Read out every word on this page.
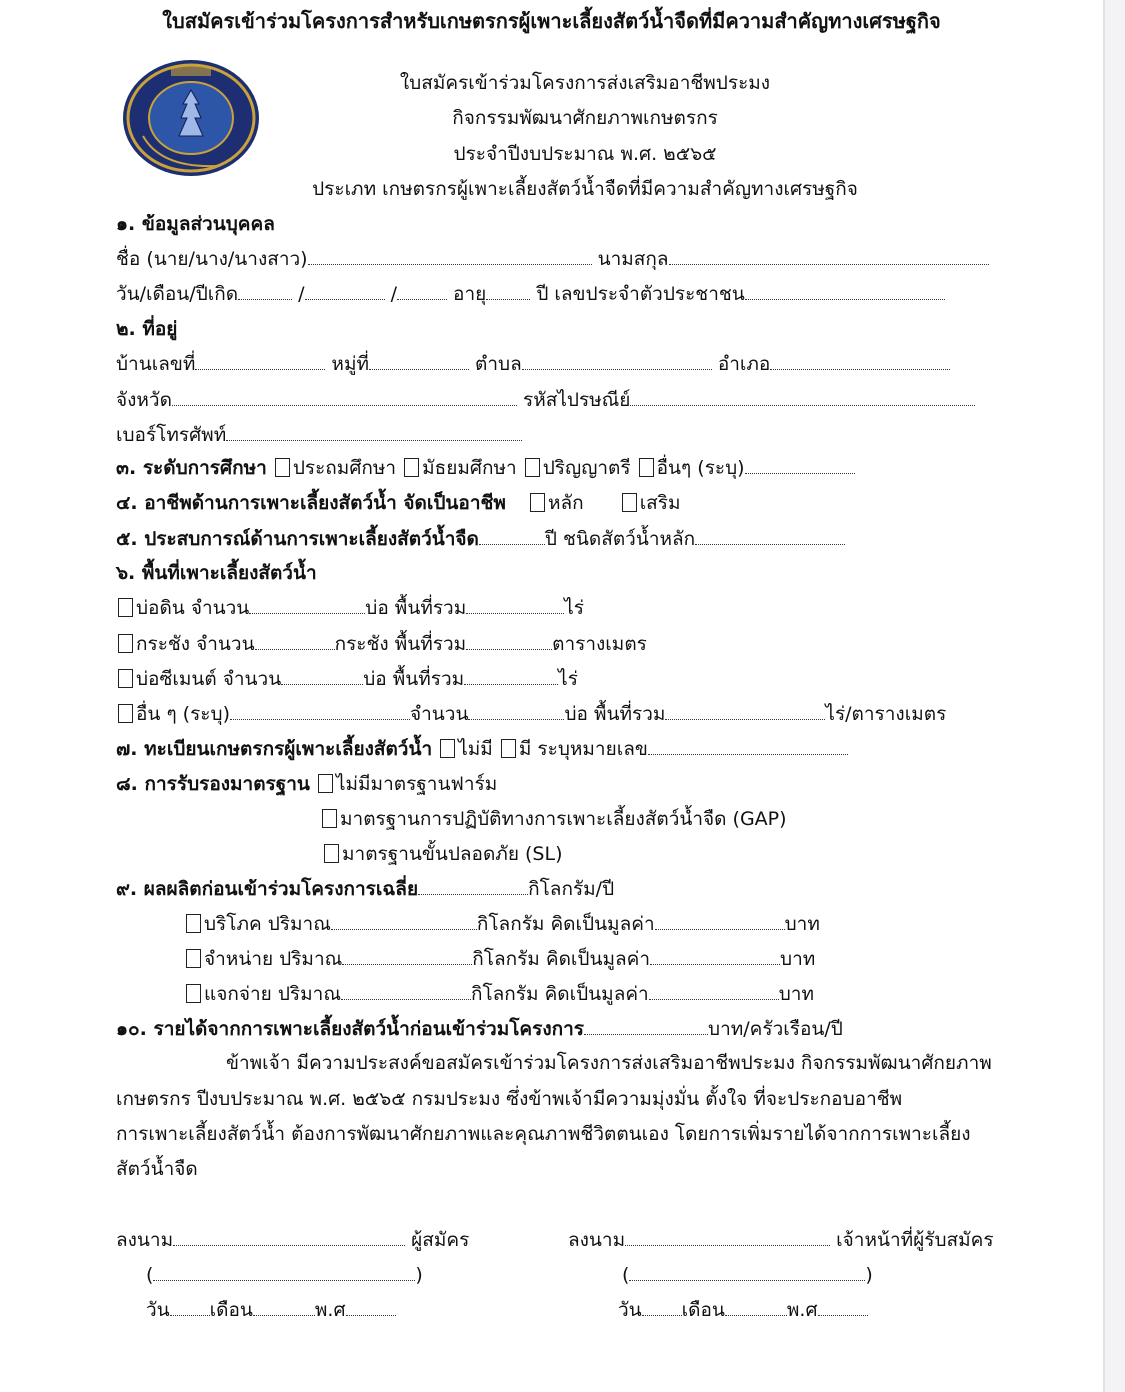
ใบสมัครเข้าร่วมโครงการสำหรับเกษตรกรผู้เพาะเลี้ยงสัตว์น้ำจืดที่มีความสำคัญทางเศรษฐกิจ
ใบสมัครเข้าร่วมโครงการส่งเสริมอาชีพประมง
กิจกรรมพัฒนาศักยภาพเกษตรกร
ประจำปีงบประมาณ พ.ศ. ๒๕๖๕
ประเภท เกษตรกรผู้เพาะเลี้ยงสัตว์น้ำจืดที่มีความสำคัญทางเศรษฐกิจ
๑. ข้อมูลส่วนบุคคล
ชื่อ (นาย/นาง/นางสาว)	นามสกุล
วัน/เดือน/ปีเกิด	/	/	อายุ	ปี เลขประจำตัวประชาชน
๒. ที่อยู่
บ้านเลขที่	หมู่ที่	ตำบล	อำเภอ
จังหวัด	รหัสไปรษณีย์
เบอร์โทรศัพท์
๓. ระดับการศึกษา ประถมศึกษา มัธยมศึกษา ปริญญาตรี อื่นๆ (ระบุ)
๔. อาชีพด้านการเพาะเลี้ยงสัตว์น้ำ จัดเป็นอาชีพ หลัก	เสริม
๕. ประสบการณ์ด้านการเพาะเลี้ยงสัตว์น้ำจืด	ปี ชนิดสัตว์น้ำหลัก
๖. พื้นที่เพาะเลี้ยงสัตว์น้ำ
บ่อดิน จำนวน	บ่อ พื้นที่รวม	ไร่
กระชัง จำนวน	กระชัง พื้นที่รวม	ตารางเมตร
บ่อซีเมนต์ จำนวน	บ่อ พื้นที่รวม	ไร่
อื่น ๆ (ระบุ)	จำนวน	บ่อ พื้นที่รวม	ไร่/ตารางเมตร
๗. ทะเบียนเกษตรกรผู้เพาะเลี้ยงสัตว์น้ำ ไม่มี มี ระบุหมายเลข
๘. การรับรองมาตรฐาน ไม่มีมาตรฐานฟาร์ม
มาตรฐานการปฏิบัติทางการเพาะเลี้ยงสัตว์น้ำจืด (GAP)
มาตรฐานขั้นปลอดภัย (SL)
๙. ผลผลิตก่อนเข้าร่วมโครงการเฉลี่ย	กิโลกรัม/ปี
บริโภค ปริมาณ	กิโลกรัม คิดเป็นมูลค่า	บาท
จำหน่าย ปริมาณ	กิโลกรัม คิดเป็นมูลค่า	บาท
แจกจ่าย ปริมาณ	กิโลกรัม คิดเป็นมูลค่า	บาท
๑๐. รายได้จากการเพาะเลี้ยงสัตว์น้ำก่อนเข้าร่วมโครงการ	บาท/ครัวเรือน/ปี
ข้าพเจ้า มีความประสงค์ขอสมัครเข้าร่วมโครงการส่งเสริมอาชีพประมง กิจกรรมพัฒนาศักยภาพ
เกษตรกร ปีงบประมาณ พ.ศ. ๒๕๖๕ กรมประมง ซึ่งข้าพเจ้ามีความมุ่งมั่น ตั้งใจ ที่จะประกอบอาชีพ
การเพาะเลี้ยงสัตว์น้ำ ต้องการพัฒนาศักยภาพและคุณภาพชีวิตตนเอง โดยการเพิ่มรายได้จากการเพาะเลี้ยง
สัตว์น้ำจืด
ลงนาม	ผู้สมัคร
(	)
วัน เดือน	พ.ศ
ลงนาม	เจ้าหน้าที่ผู้รับสมัคร
(	)
วัน เดือน	พ.ศ
